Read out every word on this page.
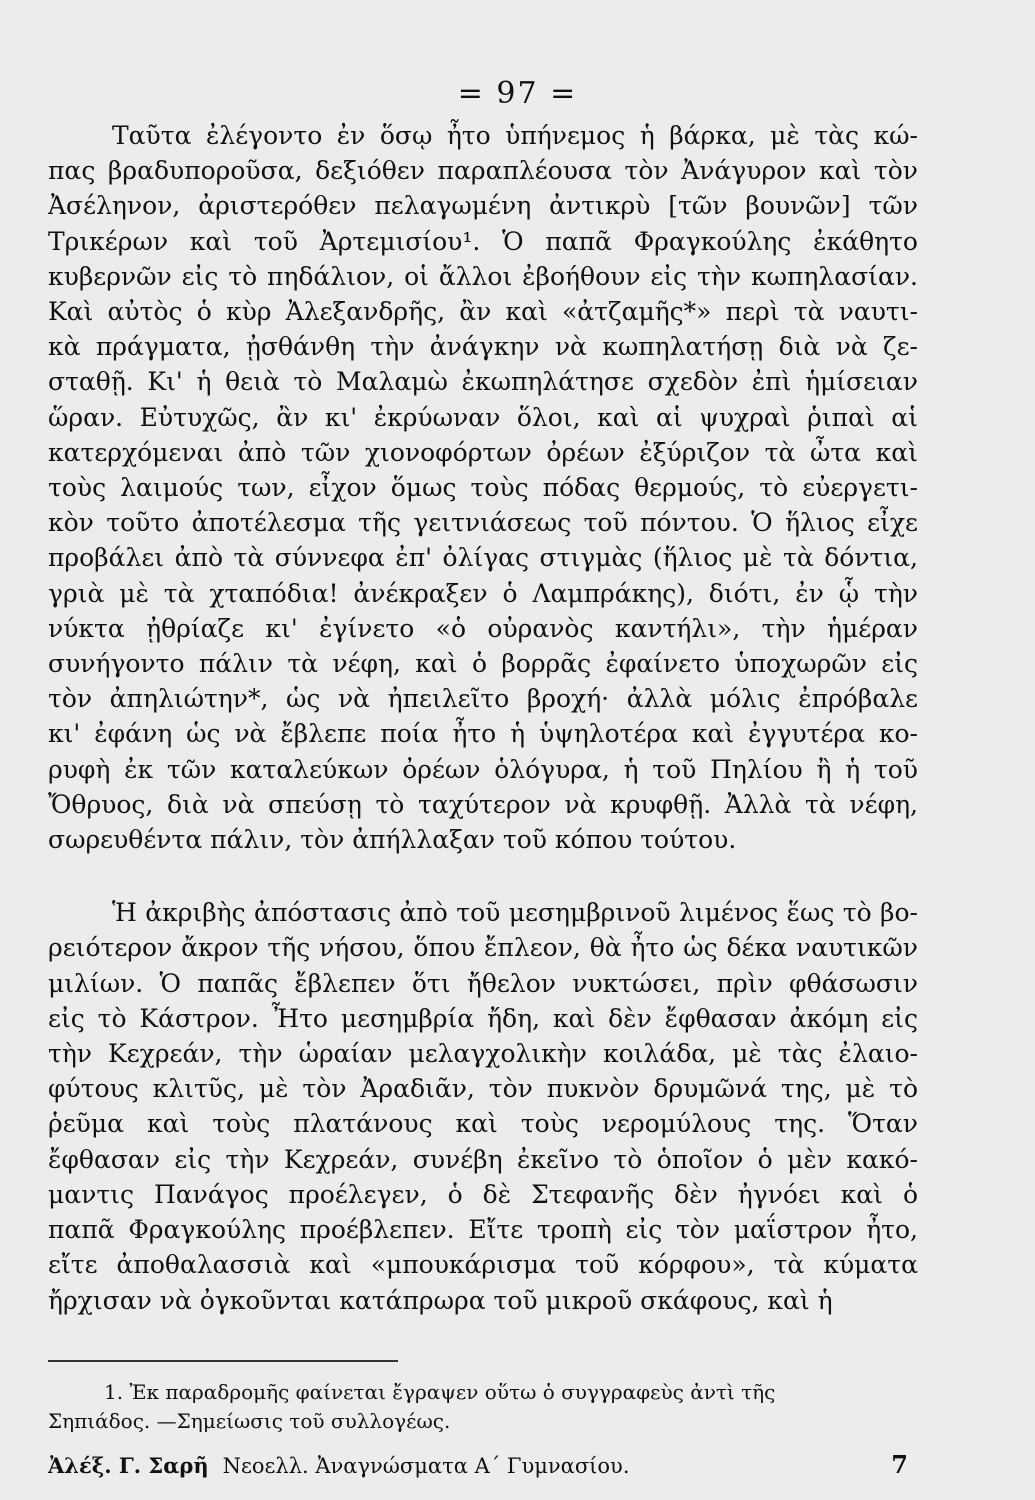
= 97 =

Ταῦτα ἐλέγοντο ἐν ὅσῳ ἦτο ὑπήνεμος ἡ βάρκα, μὲ τὰς κώ-
πας βραδυποροῦσα, δεξιόθεν παραπλέουσα τὸν Ἀνάγυρον καὶ τὸν
Ἀσέληνον, ἀριστερόθεν πελαγωμένη ἀντικρὺ [τῶν βουνῶν] τῶν
Τρικέρων καὶ τοῦ Ἀρτεμισίου¹. Ὁ παπᾶ Φραγκούλης ἐκάθητο
κυβερνῶν εἰς τὸ πηδάλιον, οἱ ἄλλοι ἐβοήθουν εἰς τὴν κωπηλασίαν.
Καὶ αὐτὸς ὁ κὺρ Ἀλεξανδρῆς, ἂν καὶ «ἀτζαμῆς*» περὶ τὰ ναυτι-
κὰ πράγματα, ᾐσθάνθη τὴν ἀνάγκην νὰ κωπηλατήσῃ διὰ νὰ ζε-
σταθῇ. Κι' ἡ θειὰ τὸ Μαλαμὼ ἐκωπηλάτησε σχεδὸν ἐπὶ ἡμίσειαν
ὥραν. Εὐτυχῶς, ἂν κι' ἐκρύωναν ὅλοι, καὶ αἱ ψυχραὶ ῥιπαὶ αἱ
κατερχόμεναι ἀπὸ τῶν χιονοφόρτων ὀρέων ἐξύριζον τὰ ὦτα καὶ
τοὺς λαιμούς των, εἶχον ὅμως τοὺς πόδας θερμούς, τὸ εὐεργετι-
κὸν τοῦτο ἀποτέλεσμα τῆς γειτνιάσεως τοῦ πόντου. Ὁ ἥλιος εἶχε
προβάλει ἀπὸ τὰ σύννεφα ἐπ' ὀλίγας στιγμὰς (ἥλιος μὲ τὰ δόντια,
γριὰ μὲ τὰ χταπόδια! ἀνέκραξεν ὁ Λαμπράκης), διότι, ἐν ᾧ τὴν
νύκτα ᾐθρίαζε κι' ἐγίνετο «ὁ οὐρανὸς καντήλι», τὴν ἡμέραν
συνήγοντο πάλιν τὰ νέφη, καὶ ὁ βορρᾶς ἐφαίνετο ὑποχωρῶν εἰς
τὸν ἀπηλιώτην*, ὡς νὰ ἠπειλεῖτο βροχή· ἀλλὰ μόλις ἐπρόβαλε
κι' ἐφάνη ὡς νὰ ἔβλεπε ποία ἦτο ἡ ὑψηλοτέρα καὶ ἐγγυτέρα κο-
ρυφὴ ἐκ τῶν καταλεύκων ὀρέων ὁλόγυρα, ἡ τοῦ Πηλίου ἢ ἡ τοῦ
Ὄθρυος, διὰ νὰ σπεύσῃ τὸ ταχύτερον νὰ κρυφθῇ. Ἀλλὰ τὰ νέφη,
σωρευθέντα πάλιν, τὸν ἀπήλλαξαν τοῦ κόπου τούτου.

Ἡ ἀκριβὴς ἀπόστασις ἀπὸ τοῦ μεσημβρινοῦ λιμένος ἕως τὸ βο-
ρειότερον ἄκρον τῆς νήσου, ὅπου ἔπλεον, θὰ ἦτο ὡς δέκα ναυτικῶν
μιλίων. Ὁ παπᾶς ἔβλεπεν ὅτι ἤθελον νυκτώσει, πρὶν φθάσωσιν
εἰς τὸ Κάστρον. Ἦτο μεσημβρία ἤδη, καὶ δὲν ἔφθασαν ἀκόμη εἰς
τὴν Κεχρεάν, τὴν ὡραίαν μελαγχολικὴν κοιλάδα, μὲ τὰς ἐλαιο-
φύτους κλιτῦς, μὲ τὸν Ἀραδιᾶν, τὸν πυκνὸν δρυμῶνά της, μὲ τὸ
ῥεῦμα καὶ τοὺς πλατάνους καὶ τοὺς νερομύλους της. Ὅταν
ἔφθασαν εἰς τὴν Κεχρεάν, συνέβη ἐκεῖνο τὸ ὁποῖον ὁ μὲν κακό-
μαντις Πανάγος προέλεγεν, ὁ δὲ Στεφανῆς δὲν ἠγνόει καὶ ὁ
παπᾶ Φραγκούλης προέβλεπεν. Εἴτε τροπὴ εἰς τὸν μαΐστρον ἦτο,
εἴτε ἀποθαλασσιὰ καὶ «μπουκάρισμα τοῦ κόρφου», τὰ κύματα
ἤρχισαν νὰ ὀγκοῦνται κατάπρωρα τοῦ μικροῦ σκάφους, καὶ ἡ

1. Ἐκ παραδρομῆς φαίνεται ἔγραψεν οὕτω ὁ συγγραφεὺς ἀντὶ τῆς
Σηπιάδος. —Σημείωσις τοῦ συλλογέως.
Ἀλέξ. Γ. Σαρῆ Νεοελλ. Ἀναγνώσματα Α΄ Γυμνασίου.	7
